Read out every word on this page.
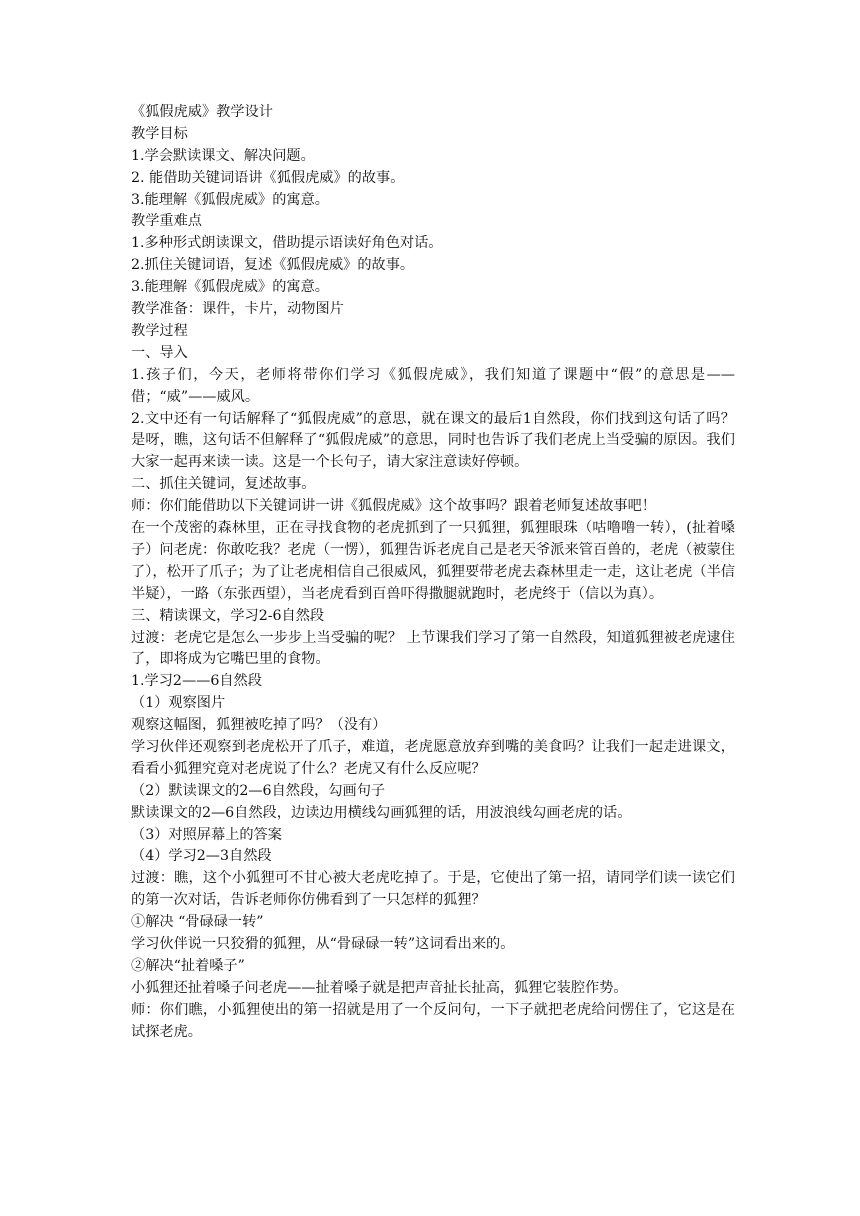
《狐假虎威》教学设计
教学目标
1.学会默读课文、解决问题。
2. 能借助关键词语讲《狐假虎威》的故事。
3.能理解《狐假虎威》的寓意。
教学重难点
1.多种形式朗读课文，借助提示语读好角色对话。
2.抓住关键词语，复述《狐假虎威》的故事。
3.能理解《狐假虎威》的寓意。
教学准备：课件，卡片，动物图片
教学过程
一、导入
1.孩子们，今天，老师将带你们学习《狐假虎威》，我们知道了课题中“假”的意思是——借；“威”——威风。
2.文中还有一句话解释了“狐假虎威”的意思，就在课文的最后1自然段，你们找到这句话了吗？是呀，瞧，这句话不但解释了“狐假虎威”的意思，同时也告诉了我们老虎上当受骗的原因。我们大家一起再来读一读。这是一个长句子，请大家注意读好停顿。
二、抓住关键词，复述故事。
师：你们能借助以下关键词讲一讲《狐假虎威》这个故事吗？跟着老师复述故事吧！
在一个茂密的森林里，正在寻找食物的老虎抓到了一只狐狸，狐狸眼珠（咕噜噜一转），(扯着嗓子）问老虎：你敢吃我？老虎（一愣），狐狸告诉老虎自己是老天爷派来管百兽的，老虎（被蒙住了），松开了爪子；为了让老虎相信自己很威风，狐狸要带老虎去森林里走一走，这让老虎（半信半疑），一路（东张西望），当老虎看到百兽吓得撒腿就跑时，老虎终于（信以为真）。
三、精读课文，学习2-6自然段
过渡：老虎它是怎么一步步上当受骗的呢？ 上节课我们学习了第一自然段，知道狐狸被老虎逮住了，即将成为它嘴巴里的食物。
1.学习2——6自然段
（1）观察图片
观察这幅图，狐狸被吃掉了吗？（没有）
学习伙伴还观察到老虎松开了爪子，难道，老虎愿意放弃到嘴的美食吗？让我们一起走进课文，看看小狐狸究竟对老虎说了什么？老虎又有什么反应呢？
（2）默读课文的2—6自然段，勾画句子
默读课文的2—6自然段，边读边用横线勾画狐狸的话，用波浪线勾画老虎的话。
（3）对照屏幕上的答案
（4）学习2—3自然段
过渡：瞧，这个小狐狸可不甘心被大老虎吃掉了。于是，它使出了第一招，请同学们读一读它们的第一次对话，告诉老师你仿佛看到了一只怎样的狐狸？
①解决 “骨碌碌一转”
学习伙伴说一只狡猾的狐狸，从“骨碌碌一转”这词看出来的。
②解决“扯着嗓子”
小狐狸还扯着嗓子问老虎——扯着嗓子就是把声音扯长扯高，狐狸它装腔作势。
师：你们瞧，小狐狸使出的第一招就是用了一个反问句，一下子就把老虎给问愣住了，它这是在试探老虎。
